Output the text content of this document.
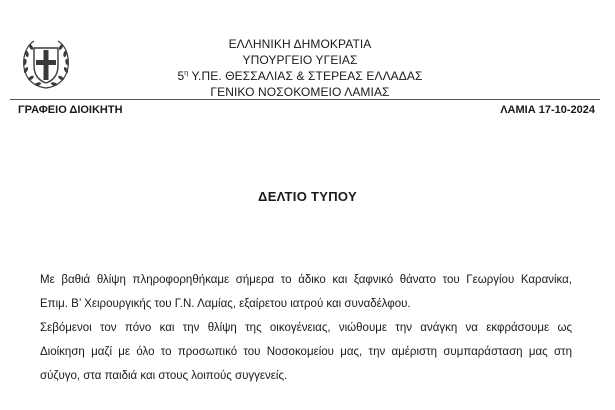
ΕΛΛΗΝΙΚΗ ΔΗΜΟΚΡΑΤΙΑ
ΥΠΟΥΡΓΕΙΟ ΥΓΕΙΑΣ
$5^\eta$ Υ.ΠΕ. ΘΕΣΣΑΛΙΑΣ & ΣΤΕΡΕΑΣ ΕΛΛΑΔΑΣ
ΓΕΝΙΚΟ ΝΟΣΟΚΟΜΕΙΟ ΛΑΜΙΑΣ
ΓΡΑΦΕΙΟ ΔΙΟΙΚΗΤΗ	ΛΑΜΙΑ 17-10-2024
ΔΕΛΤΙΟ ΤΥΠΟΥ

Με βαθιά θλίψη πληροφορηθήκαμε σήμερα το άδικο και ξαφνικό θάνατο του Γεωργίου Καρανίκα,
Επιμ. Β’ Χειρουργικής του Γ.Ν. Λαμίας, εξαίρετου ιατρού και συναδέλφου.

Σεβόμενοι τον πόνο και την θλίψη της οικογένειας, νιώθουμε την ανάγκη να εκφράσουμε ως
Διοίκηση μαζί με όλο το προσωπικό του Νοσοκομείου μας, την αμέριστη συμπαράσταση μας στη
σύζυγο, στα παιδιά και στους λοιπούς συγγενείς.
